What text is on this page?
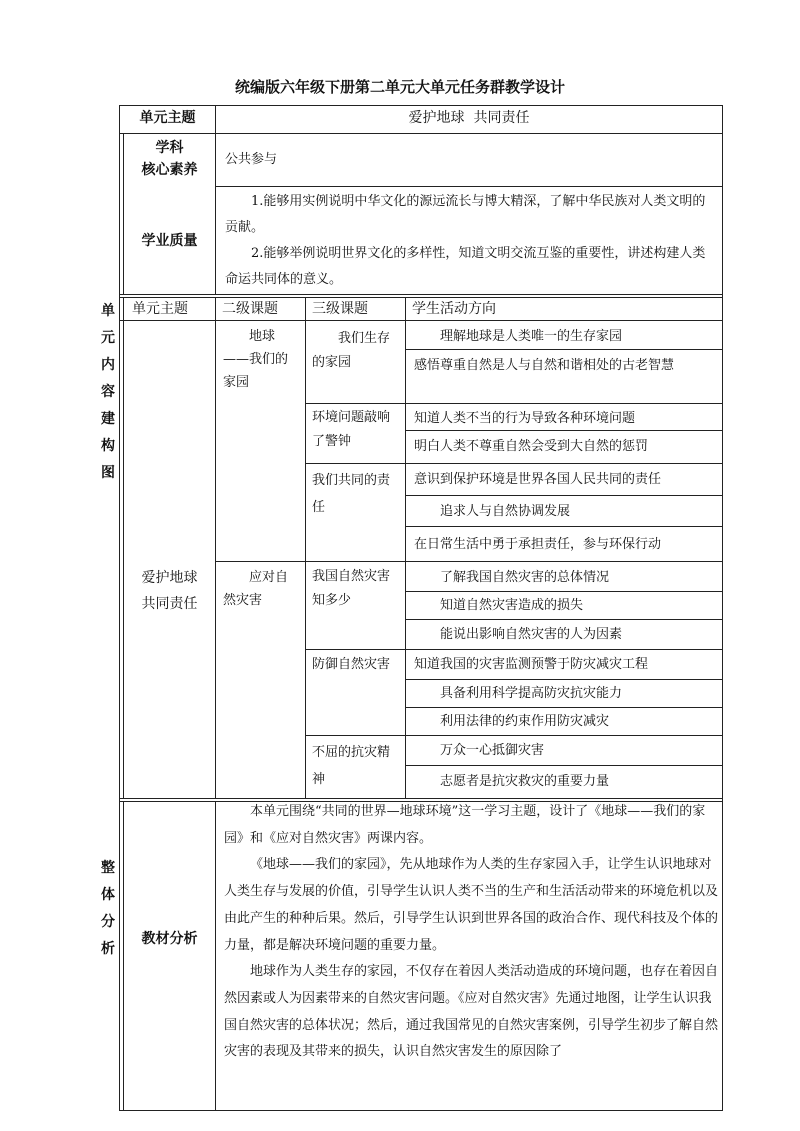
统编版六年级下册第二单元大单元任务群教学设计
单元主题	爱护地球  共同责任
学科
核心素养
公共参与
学业质量
1.能够用实例说明中华文化的源远流长与博大精深，了解中华民族对人类文明的贡献。
2.能够举例说明世界文化的多样性，知道文明交流互鉴的重要性，讲述构建人类命运共同体的意义。
单
元
内
容
建
构
图
单元主题 二级课题 三级课题	学生活动方向
爱护地球
共同责任
地球——我们的家园
应对自然灾害
我们生存的家园
环境问题敲响了警钟
我们共同的责任
我国自然灾害知多少
防御自然灾害
不屈的抗灾精神
理解地球是人类唯一的生存家园
感悟尊重自然是人与自然和谐相处的古老智慧
知道人类不当的行为导致各种环境问题
明白人类不尊重自然会受到大自然的惩罚
意识到保护环境是世界各国人民共同的责任
追求人与自然协调发展
在日常生活中勇于承担责任，参与环保行动
了解我国自然灾害的总体情况
知道自然灾害造成的损失
能说出影响自然灾害的人为因素
知道我国的灾害监测预警于防灾减灾工程
具备利用科学提高防灾抗灾能力
利用法律的约束作用防灾减灾
万众一心抵御灾害
志愿者是抗灾救灾的重要力量
整
体
分
析
教材分析
本单元围绕“共同的世界—地球环境”这一学习主题，设计了《地球——我们的家园》和《应对自然灾害》两课内容。
《地球——我们的家园》，先从地球作为人类的生存家园入手，让学生认识地球对人类生存与发展的价值，引导学生认识人类不当的生产和生活活动带来的环境危机以及由此产生的种种后果。然后，引导学生认识到世界各国的政治合作、现代科技及个体的力量，都是解决环境问题的重要力量。
地球作为人类生存的家园，不仅存在着因人类活动造成的环境问题，也存在着因自然因素或人为因素带来的自然灾害问题。《应对自然灾害》先通过地图，让学生认识我国自然灾害的总体状况；然后，通过我国常见的自然灾害案例，引导学生初步了解自然灾害的表现及其带来的损失，认识自然灾害发生的原因除了
